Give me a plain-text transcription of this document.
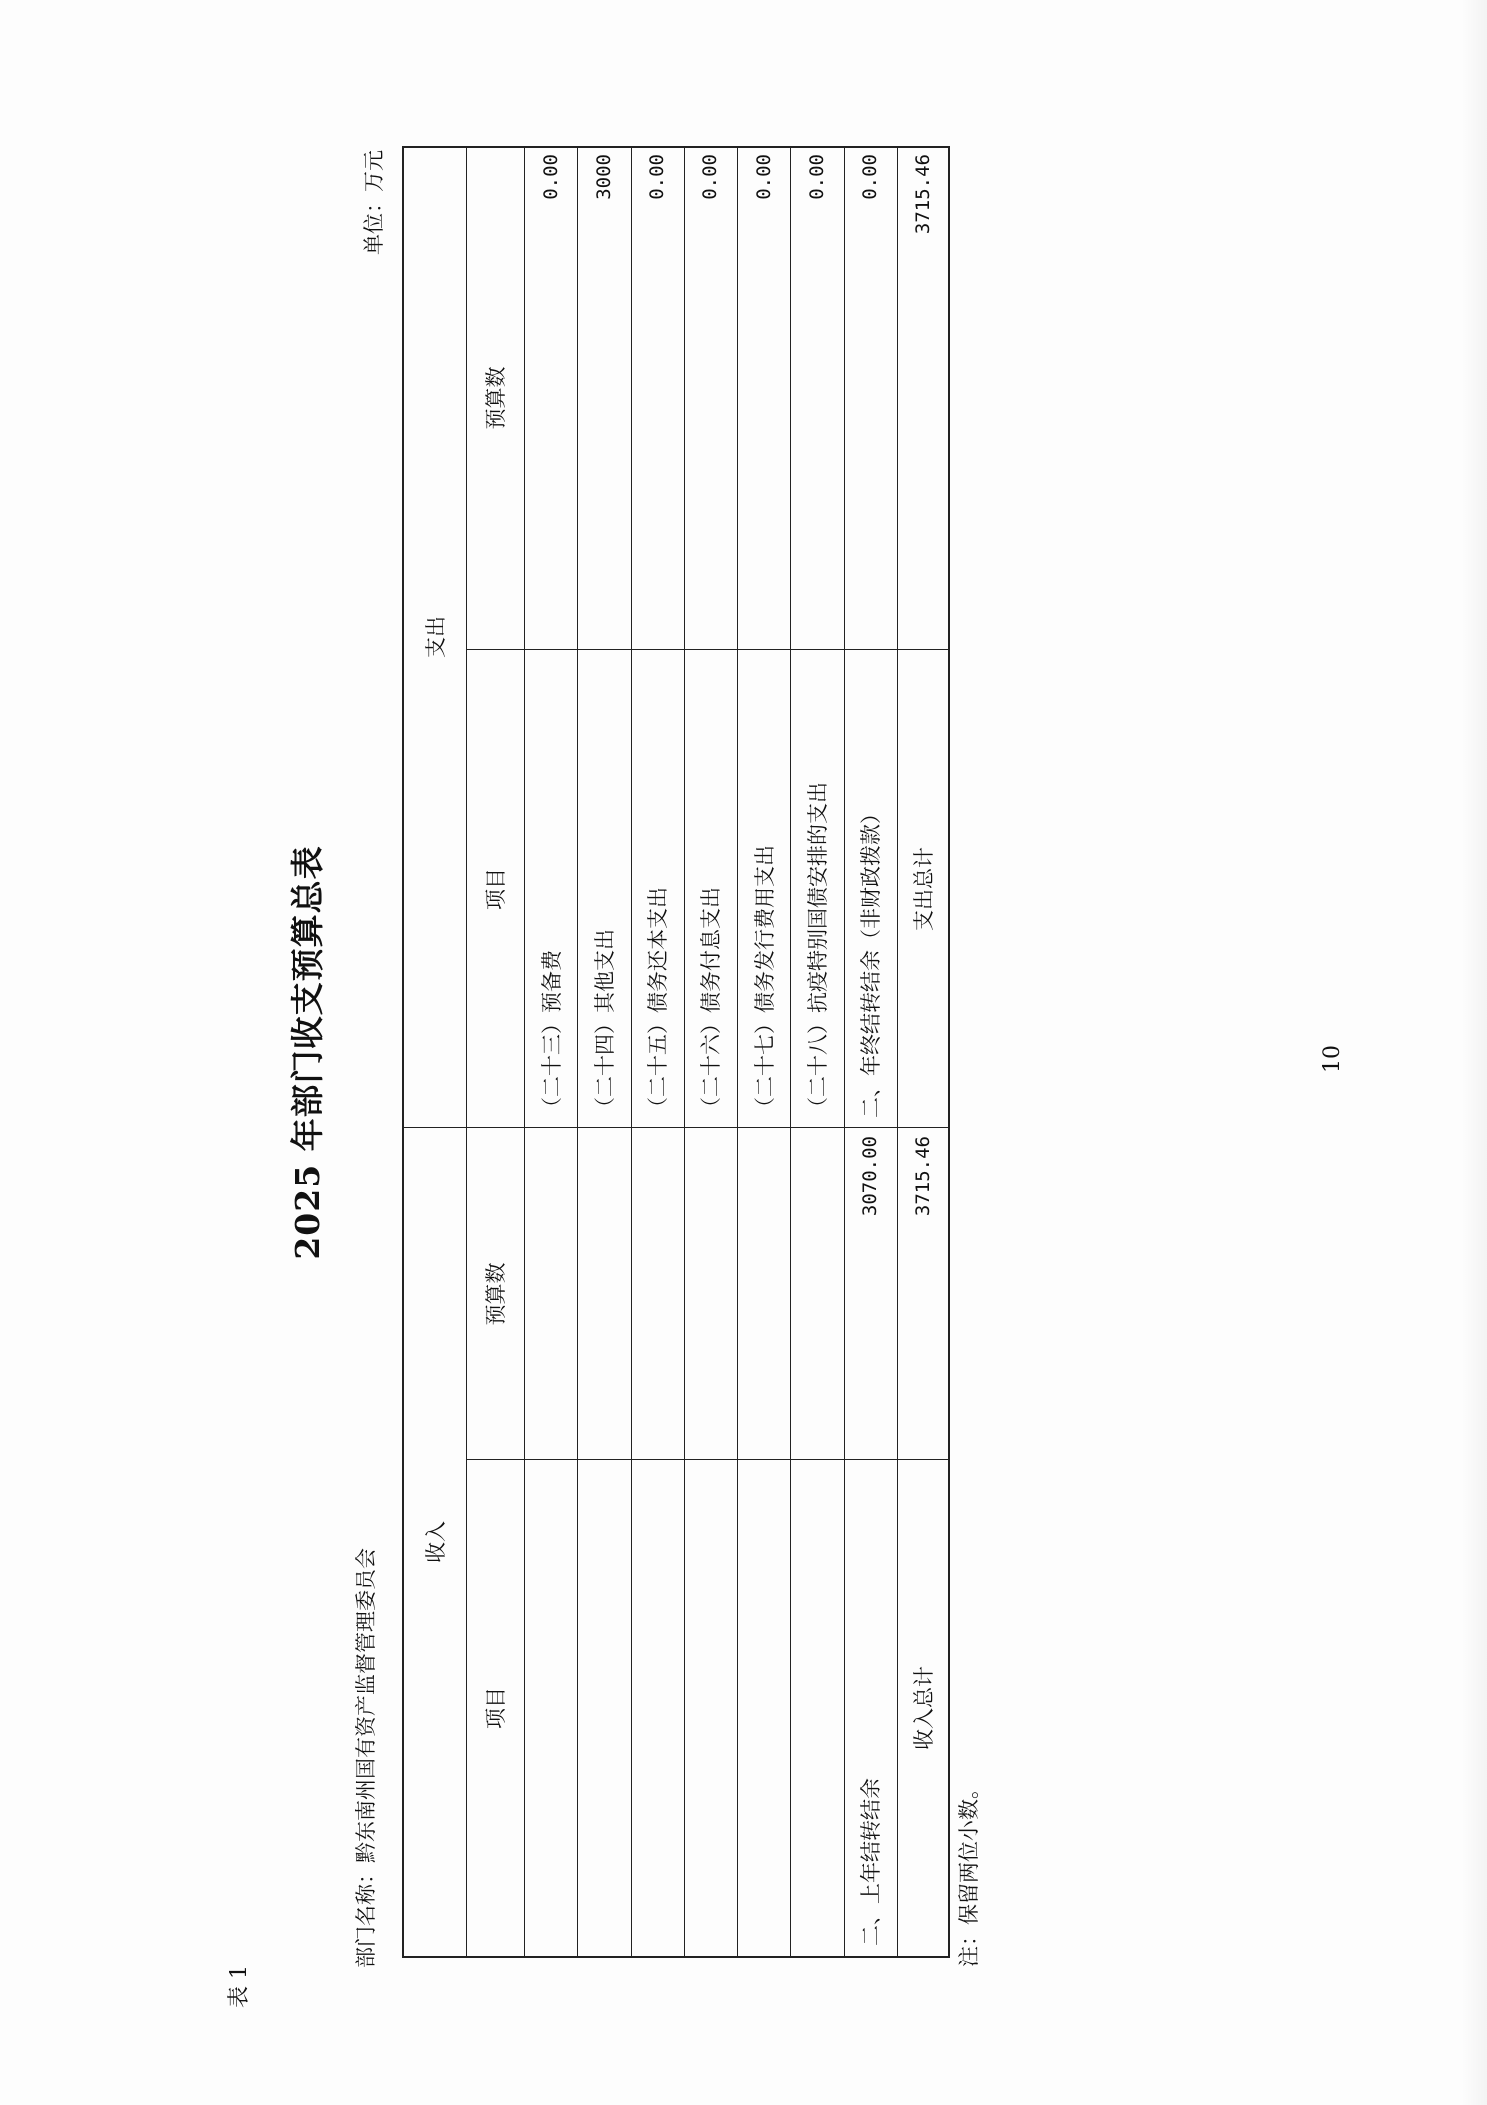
表 1
2025 年部门收支预算总表
部门名称：黔东南州国有资产监督管理委员会
单位：万元
收入
支出
项目
预算数
项目
预算数
（二十三）预备费
0.00
（二十四）其他支出
3000
（二十五）债务还本支出
0.00
（二十六）债务付息支出
0.00
（二十七）债务发行费用支出
0.00
（二十八）抗疫特别国债安排的支出
0.00
二、上年结转结余
3070.00
二、年终结转结余（非财政拨款）
0.00
收入总计
3715.46
支出总计
3715.46
注：保留两位小数。
10
